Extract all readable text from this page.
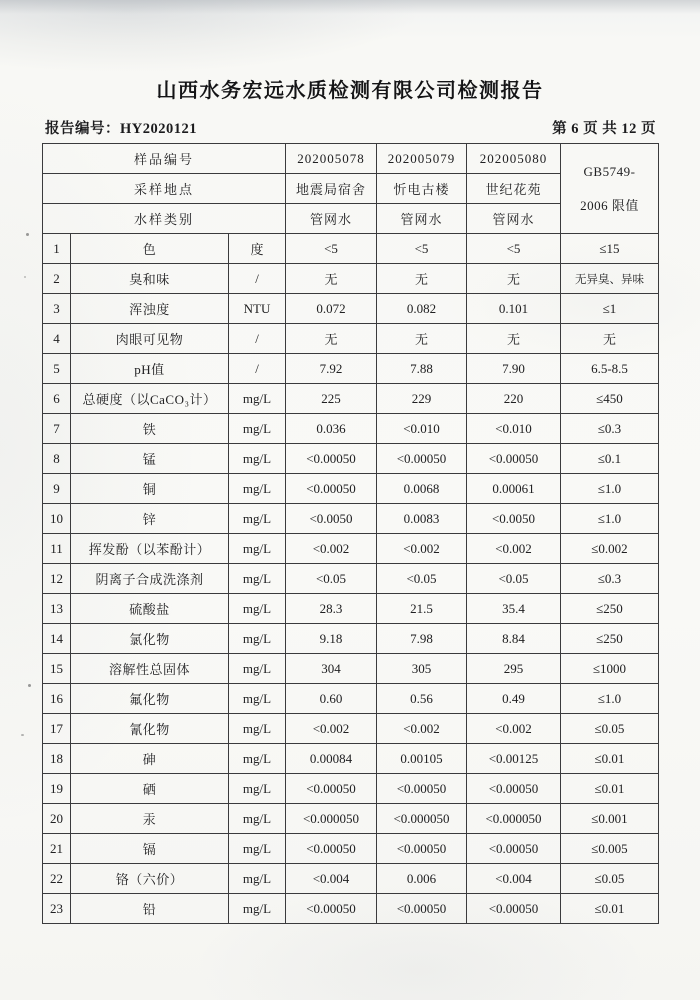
山西水务宏远水质检测有限公司检测报告
报告编号：HY2020121	第 6 页 共 12 页
样品编号			202005078	202005079	202005080	GB5749-
2006 限值

采样地点			地震局宿舍	忻电古楼	世纪花苑	
水样类别			管网水	管网水	管网水	
1	色	度	<5	<5	<5	≤15
2	臭和味	/	无	无	无	无异臭、异味
3	浑浊度	NTU	0.072	0.082	0.101	≤1
4	肉眼可见物	/	无	无	无	无
5	pH值	/	7.92	7.88	7.90	6.5-8.5
6	总硬度（以CaCO₃计）	mg/L	225	229	220	≤450
7	铁	mg/L	0.036	<0.010	<0.010	≤0.3
8	锰	mg/L	<0.00050	<0.00050	<0.00050	≤0.1
9	铜	mg/L	<0.00050	0.0068	0.00061	≤1.0
10	锌	mg/L	<0.0050	0.0083	<0.0050	≤1.0
11	挥发酚（以苯酚计）	mg/L	<0.002	<0.002	<0.002	≤0.002
12	阴离子合成洗涤剂	mg/L	<0.05	<0.05	<0.05	≤0.3
13	硫酸盐	mg/L	28.3	21.5	35.4	≤250
14	氯化物	mg/L	9.18	7.98	8.84	≤250
15	溶解性总固体	mg/L	304	305	295	≤1000
16	氟化物	mg/L	0.60	0.56	0.49	≤1.0
17	氰化物	mg/L	<0.002	<0.002	<0.002	≤0.05
18	砷	mg/L	0.00084	0.00105	<0.00125	≤0.01
19	硒	mg/L	<0.00050	<0.00050	<0.00050	≤0.01
20	汞	mg/L	<0.000050	<0.000050	<0.000050	≤0.001
21	镉	mg/L	<0.00050	<0.00050	<0.00050	≤0.005
22	铬（六价）	mg/L	<0.004	0.006	<0.004	≤0.05
23	铅	mg/L	<0.00050	<0.00050	<0.00050	≤0.01
